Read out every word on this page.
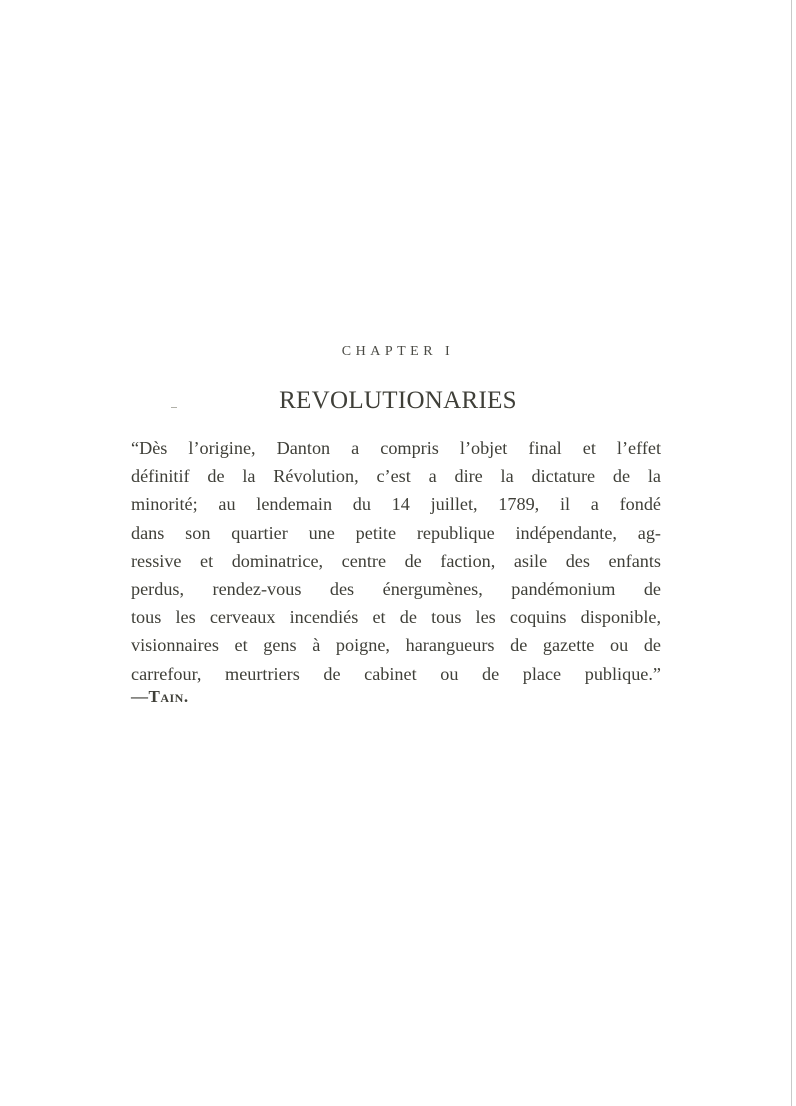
CHAPTER I
REVOLUTIONARIES
“Dès l’origine, Danton a compris l’objet final et l’effet
définitif de la Révolution, c’est a dire la dictature de la
minorité; au lendemain du 14 juillet, 1789, il a fondé
dans son quartier une petite republique indépendante, ag-
ressive et dominatrice, centre de faction, asile des enfants
perdus, rendez-vous des énergumènes, pandémonium de
tous les cerveaux incendiés et de tous les coquins disponible,
visionnaires et gens à poigne, harangueurs de gazette ou de
carrefour, meurtriers de cabinet ou de place publique.”
—Tain.
